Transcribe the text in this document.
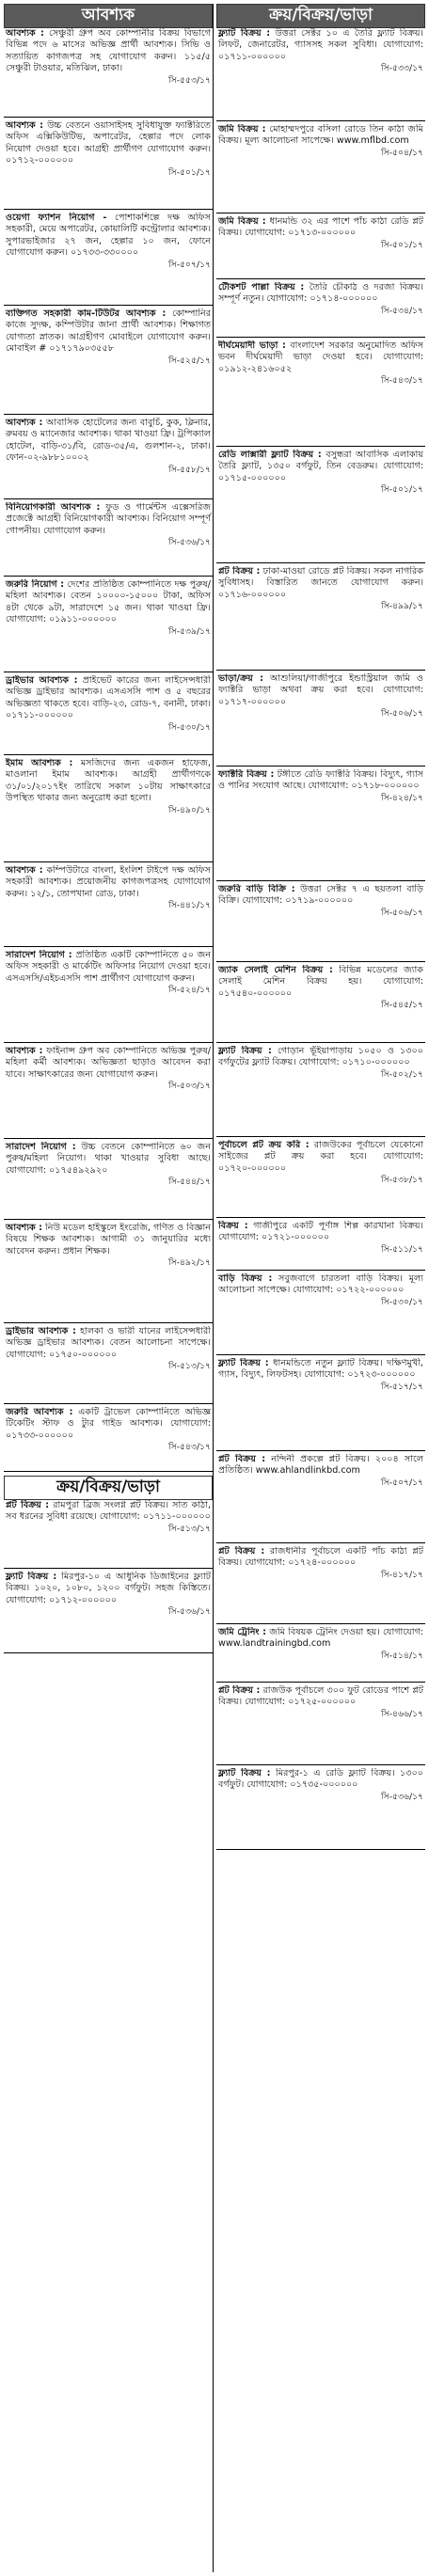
আবশ্যক
আবশ্যক : সেঞ্চুরী গ্রুপ অব কোম্পানীর বিক্রয় বিভাগে বিভিন্ন পদে ৬ মাসের অভিজ্ঞ প্রার্থী আবশ্যক। সিভি ও সত্যায়িত কাগজপত্র সহ যোগাযোগ করুন। ১১৫/৫ সেঞ্চুরী টাওয়ার, মতিঝিল, ঢাকা।
সি-৫৫৩/১৭
আবশ্যক : উচ্চ বেতনে ওয়াসাইসহ সুবিধাযুক্ত ফ্যাক্টরিতে অফিস এক্সিকিউটিভ, অপারেটর, হেল্পার পদে লোক নিয়োগ দেওয়া হবে। আগ্রহী প্রার্থীগণ যোগাযোগ করুন। ০১৭১২-০০০০০০
সি-৫০১/১৭
ওয়েগা ফ্যাশন নিয়োগ - পোশাকশিল্পে দক্ষ অফিস সহকারী, মেয়ে অপারেটর, কোয়ালিটি কন্ট্রোলার আবশ্যক। সুপারভাইজার ২৭ জন, হেল্পার ১০ জন, ফোনে যোগাযোগ করুন। ০১৭৩৩-৩৩০০০০
সি-৫০৭/১৭
ব্যক্তিগত সহকারী কাম-টিউটর আবশ্যক : কোম্পানির কাজে সুদক্ষ, কম্পিউটার জানা প্রার্থী আবশ্যক। শিক্ষাগত যোগ্যতা স্নাতক। আগ্রহীগণ মোবাইলে যোগাযোগ করুন। মোবাইল # ০১৭১৭৯০৩৫৫৮
সি-৫২৫/১৭
আবশ্যক : আবাসিক হোটেলের জন্য বাবুর্চি, কুক, ক্লিনার, রুমবয় ও ম্যানেজার আবশ্যক। থাকা খাওয়া ফ্রি। ট্রপিক্যাল হোটেল, বাড়ি-৩১/বি, রোড-৩৫/এ, গুলশান-২, ঢাকা। ফোন-০২-৯৮৮১০০০২
সি-৫৫৮/১৭
বিনিয়োগকারী আবশ্যক : ফুড ও গার্মেন্টস এক্সেসরিজ প্রজেক্টে আগ্রহী বিনিয়োগকারী আবশ্যক। বিনিয়োগ সম্পূর্ণ গোপনীয়। যোগাযোগ করুন।
সি-৫৩৬/১৭
জরুরি নিয়োগ : দেশের প্রতিষ্ঠিত কোম্পানিতে দক্ষ পুরুষ/মহিলা আবশ্যক। বেতন ১০০০০-১৫০০০ টাকা, অফিস ৪টা থেকে ৯টা, সারাদেশে ১৫ জন। থাকা খাওয়া ফ্রি। যোগাযোগ: ০১৯১১-০০০০০০
সি-৫৩৯/১৭
ড্রাইভার আবশ্যক : প্রাইভেট কারের জন্য লাইসেন্সধারী অভিজ্ঞ ড্রাইভার আবশ্যক। এসএসসি পাশ ও ৫ বছরের অভিজ্ঞতা থাকতে হবে। বাড়ি-২৩, রোড-৭, বনানী, ঢাকা। ০১৭১১-০০০০০০
সি-৫৩০/১৭
ইমাম আবশ্যক : মসজিদের জন্য একজন হাফেজ, মাওলানা ইমাম আবশ্যক। আগ্রহী প্রার্থীগণকে ৩১/০১/২০১৭ইং তারিখে সকাল ১০টায় সাক্ষাৎকারে উপস্থিত থাকার জন্য অনুরোধ করা হলো।
সি-৪৯০/১৭
আবশ্যক : কম্পিউটারে বাংলা, ইংলিশ টাইপে দক্ষ অফিস সহকারী আবশ্যক। প্রয়োজনীয় কাগজপত্রসহ যোগাযোগ করুন। ১২/১, তোপখানা রোড, ঢাকা।
সি-৪৪১/১৭
সারাদেশ নিয়োগ : প্রতিষ্ঠিত একটি কোম্পানিতে ৫০ জন অফিস সহকারী ও মার্কেটিং অফিসার নিয়োগ দেওয়া হবে। এসএসসি/এইচএসসি পাশ প্রার্থীগণ যোগাযোগ করুন।
সি-৫২৪/১৭
আবশ্যক : ফাইনান্স গ্রুপ অব কোম্পানিতে অভিজ্ঞ পুরুষ/মহিলা কর্মী আবশ্যক। অভিজ্ঞতা ছাড়াও আবেদন করা যাবে। সাক্ষাৎকারের জন্য যোগাযোগ করুন।
সি-৫০৩/১৭
সারাদেশ নিয়োগ : উচ্চ বেতনে কোম্পানিতে ৬০ জন পুরুষ/মহিলা নিয়োগ। থাকা খাওয়ার সুবিধা আছে। যোগাযোগ: ০১৭৫৪৯২৯২০
সি-৫৪৪/১৭
আবশ্যক : নিউ মডেল হাইস্কুলে ইংরেজি, গণিত ও বিজ্ঞান বিষয়ে শিক্ষক আবশ্যক। আগামী ৩১ জানুয়ারির মধ্যে আবেদন করুন। প্রধান শিক্ষক।
সি-৪৯২/১৭
ড্রাইভার আবশ্যক : হালকা ও ভারী যানের লাইসেন্সধারী অভিজ্ঞ ড্রাইভার আবশ্যক। বেতন আলোচনা সাপেক্ষে। যোগাযোগ: ০১৭৫০-০০০০০০
সি-৫১৩/১৭
জরুরি আবশ্যক : একটি ট্রাভেল কোম্পানিতে অভিজ্ঞ টিকেটিং স্টাফ ও ট্যুর গাইড আবশ্যক। যোগাযোগ: ০১৭৩৩-০০০০০০
সি-৫৪৩/১৭
ক্রয়/বিক্রয়/ভাড়া
প্লট বিক্রয় : রামপুরা ব্রিজ সংলগ্ন প্লট বিক্রয়। সাত কাঠা, সব ধরনের সুবিধা রয়েছে। যোগাযোগ: ০১৭১১-০০০০০০
সি-৫১৩/১৭
ফ্ল্যাট বিক্রয় : মিরপুর-১০ এ আধুনিক ডিজাইনের ফ্ল্যাট বিক্রয়। ১০২০, ১০৮০, ১২০০ বর্গফুট। সহজ কিস্তিতে। যোগাযোগ: ০১৭১২-০০০০০০
সি-৫৩৬/১৭
ক্রয়/বিক্রয়/ভাড়া
ফ্ল্যাট বিক্রয় : উত্তরা সেক্টর ১০ এ তৈরি ফ্ল্যাট বিক্রয়। লিফট, জেনারেটর, গ্যাসসহ সকল সুবিধা। যোগাযোগ: ০১৭১১-০০০০০০
সি-৫৩৩/১৭
জমি বিক্রয় : মোহাম্মদপুরে বসিলা রোডে তিন কাঠা জমি বিক্রয়। মূল্য আলোচনা সাপেক্ষে। www.mflbd.com
সি-৫০৪/১৭
জমি বিক্রয় : ধানমন্ডি ৩২ এর পাশে পাঁচ কাঠা রেডি প্লট বিক্রয়। যোগাযোগ: ০১৭১৩-০০০০০০
সি-৫০১/১৭
টৌকশট পাল্লা বিক্রয় : তৈরি চৌকাঠ ও দরজা বিক্রয়। সম্পূর্ণ নতুন। যোগাযোগ: ০১৭১৪-০০০০০০
সি-৫৩৪/১৭
দীর্ঘমেয়াদী ভাড়া : বাংলাদেশ সরকার অনুমোদিত অফিস ভবন দীর্ঘমেয়াদী ভাড়া দেওয়া হবে। যোগাযোগ: ০১৯১২-২৪১৬০৫২
সি-৫৪৩/১৭
রেডি লাক্সারী ফ্ল্যাট বিক্রয় : বসুন্ধরা আবাসিক এলাকায় তৈরি ফ্ল্যাট, ১৩৫০ বর্গফুট, তিন বেডরুম। যোগাযোগ: ০১৭১৫-০০০০০০
সি-৫০১/১৭
প্লট বিক্রয় : ঢাকা-মাওয়া রোডে প্লট বিক্রয়। সকল নাগরিক সুবিধাসহ। বিস্তারিত জানতে যোগাযোগ করুন। ০১৭১৬-০০০০০০
সি-৪৯৯/১৭
ভাড়া/ক্রয় : আশুলিয়া/গাজীপুরে ইন্ডাস্ট্রিয়াল জমি ও ফ্যাক্টরি ভাড়া অথবা ক্রয় করা হবে। যোগাযোগ: ০১৭১৭-০০০০০০
সি-৫০৬/১৭
ফ্যাক্টরি বিক্রয় : টঙ্গীতে রেডি ফ্যাক্টরি বিক্রয়। বিদ্যুৎ, গ্যাস ও পানির সংযোগ আছে। যোগাযোগ: ০১৭১৮-০০০০০০
সি-৪২৪/১৭
জরুরি বাড়ি বিক্রি : উত্তরা সেক্টর ৭ এ ছয়তলা বাড়ি বিক্রি। যোগাযোগ: ০১৭১৯-০০০০০০
সি-৫০৬/১৭
জ্যাক সেলাই মেশিন বিক্রয় : বিভিন্ন মডেলের জ্যাক সেলাই মেশিন বিক্রয় হয়। যোগাযোগ: ০১৭৫৪০-০০০০০০
সি-৫৪৫/১৭
ফ্ল্যাট বিক্রয় : গোড়ান ভূঁইয়াপাড়ায় ১০৫০ ও ১৩০০ বর্গফুটের ফ্ল্যাট বিক্রয়। যোগাযোগ: ০১৭১০-০০০০০০
সি-৫০২/১৭
পূর্বাচলে প্লট ক্রয় করি : রাজউকের পূর্বাচলে যেকোনো সাইজের প্লট ক্রয় করা হবে। যোগাযোগ: ০১৭২০-০০০০০০
সি-৫৩৮/১৭
বিক্রয় : গাজীপুরে একটি পূর্ণাঙ্গ শিল্প কারখানা বিক্রয়। যোগাযোগ: ০১৭২১-০০০০০০
সি-৫১১/১৭
বাড়ি বিক্রয় : সবুজবাগে চারতলা বাড়ি বিক্রয়। মূল্য আলোচনা সাপেক্ষে। যোগাযোগ: ০১৭২২-০০০০০০
সি-৫৩০/১৭
ফ্ল্যাট বিক্রয় : ধানমন্ডিতে নতুন ফ্ল্যাট বিক্রয়। দক্ষিণমুখী, গ্যাস, বিদ্যুৎ, লিফটসহ। যোগাযোগ: ০১৭২৩-০০০০০০
সি-৫১৭/১৭
প্লট বিক্রয় : নন্দিনী প্রকল্পে প্লট বিক্রয়। ২০০৪ সালে প্রতিষ্ঠিত। www.ahlandlinkbd.com
সি-৫০৭/১৭
প্লট বিক্রয় : রাজধানীর পূর্বাচলে একটি পাঁচ কাঠা প্লট বিক্রয়। যোগাযোগ: ০১৭২৪-০০০০০০
সি-৪১৭/১৭
জমি ট্রেনিং : জমি বিষয়ক ট্রেনিং দেওয়া হয়। যোগাযোগ: www.landtrainingbd.com
সি-৫১৪/১৭
প্লট বিক্রয় : রাজউক পূর্বাচলে ৩০০ ফুট রোডের পাশে প্লট বিক্রয়। যোগাযোগ: ০১৭২৫-০০০০০০
সি-৪৬৬/১৭
ফ্ল্যাট বিক্রয় : মিরপুর-১ এ রেডি ফ্ল্যাট বিক্রয়। ১৩০০ বর্গফুট। যোগাযোগ: ০১৭৩৫-০০০০০০
সি-৫৩৬/১৭
